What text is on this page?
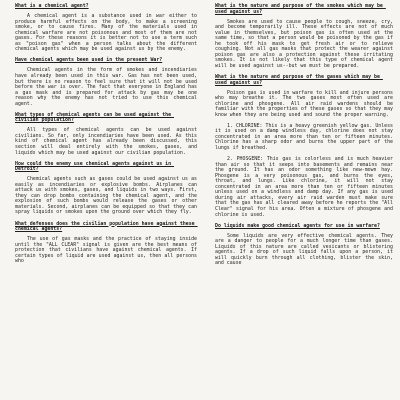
What is a chemical agent?
A chemical agent is a substance used in war either to produce harmful effects on the body, to make a screening smoke, or to cause fires. Many of the materials used in chemical warfare are not poisonous and most of them are not gases. For these reasons it is better not to use a term such as "poison gas" when a person talks about the different chemical agents which may be used against us by the enemy.
Have chemical agents been used in the present War?
Chemical agents in the form of smokes and incendiaries have already been used in this war. Gas has not been used, but there is no reason to feel sure that it will not be used before the war is over. The fact that everyone in England has a gas mask and is prepared for attack by gas may be one reason why the enemy has not tried to use this chemical agent.
What types of chemical agents can be used against the civilian population?
All types of chemical agents can be used against civilians. So far, only incendiaries have been used. As this kind of chemical agent has already been discussed, this section will deal entirely with the smokes, gases, and liquids which may be used against our civilian population.
How could the enemy use chemical agents against us in Detroit?
Chemical agents such as gases could be used against us as easily as incendiaries or explosive bombs. Airplanes can attack us with smokes, gases, and liquids in two ways. First, they can drop bombs containing the chemical agent, and the explosion of such bombs would release the gases or other materials. Second, airplanes can be equipped so that they can spray liquids or smokes upon the ground over which they fly.
What defenses does the civilian population have against these chemical agents?
The use of gas masks and the practice of staying inside until the "ALL CLEAR" signal is given are the best means of protection that civilians have against chemical agents. If certain types of liquid are used against us, then all persons who
What is the nature and purpose of the smokes which may be used against us?
Smokes are used to cause people to cough, sneeze, cry, and become temporarily ill. These effects are not of much value in themselves, but poison gas is often used at the same time, so that a person would be poisoned by the gas if he took off his mask to get fresh air or to relieve coughing. Not all gas masks that protect the wearer against poison gas are also a protection against these irritating smokes. It is not likely that this type of chemical agent will be used against us--but we must be prepared.
What is the nature and purpose of the gases which may be used against us?
Poison gas is used in warfare to kill and injure persons who may breathe it. The two gases most often used are chlorine and phosgene. All air raid wardens should be familiar with the properties of these gases so that they may know when they are being used and sound the proper warning.
1. CHLORINE: This is a heavy greenish yellow gas. Unless it is used on a damp windless day, chlorine does not stay concentrated in an area more than ten or fifteen minutes. Chlorine has a sharp odor and burns the upper part of the lungs if breathed.
2. PHOSGENE: This gas is colorless and is much heavier than air so that it seeps into basements and remains near the ground. It has an odor something like new-mown hay. Phosgene is a very poisonous gas, and burns the eyes, throat, and lungs. Like chlorine, it will not stay concentrated in an area more than ten or fifteen minutes unless used on a windless and damp day. If any gas is used during air attacks, every air raid warden must make sure that the gas has all cleared away before he reports the "All Clear" signal for his area. Often a mixture of phosgene and chlorine is used.
Do liquids make good chemical agents for use in warfare?
Some liquids are very effective chemical agents. They are a danger to people for a much longer time than gases. Liquids of this nature are called vesicants or blistering agents. If a drop of such liquid falls upon a person, it will quickly burn through all clothing, blister the skin, and cause
